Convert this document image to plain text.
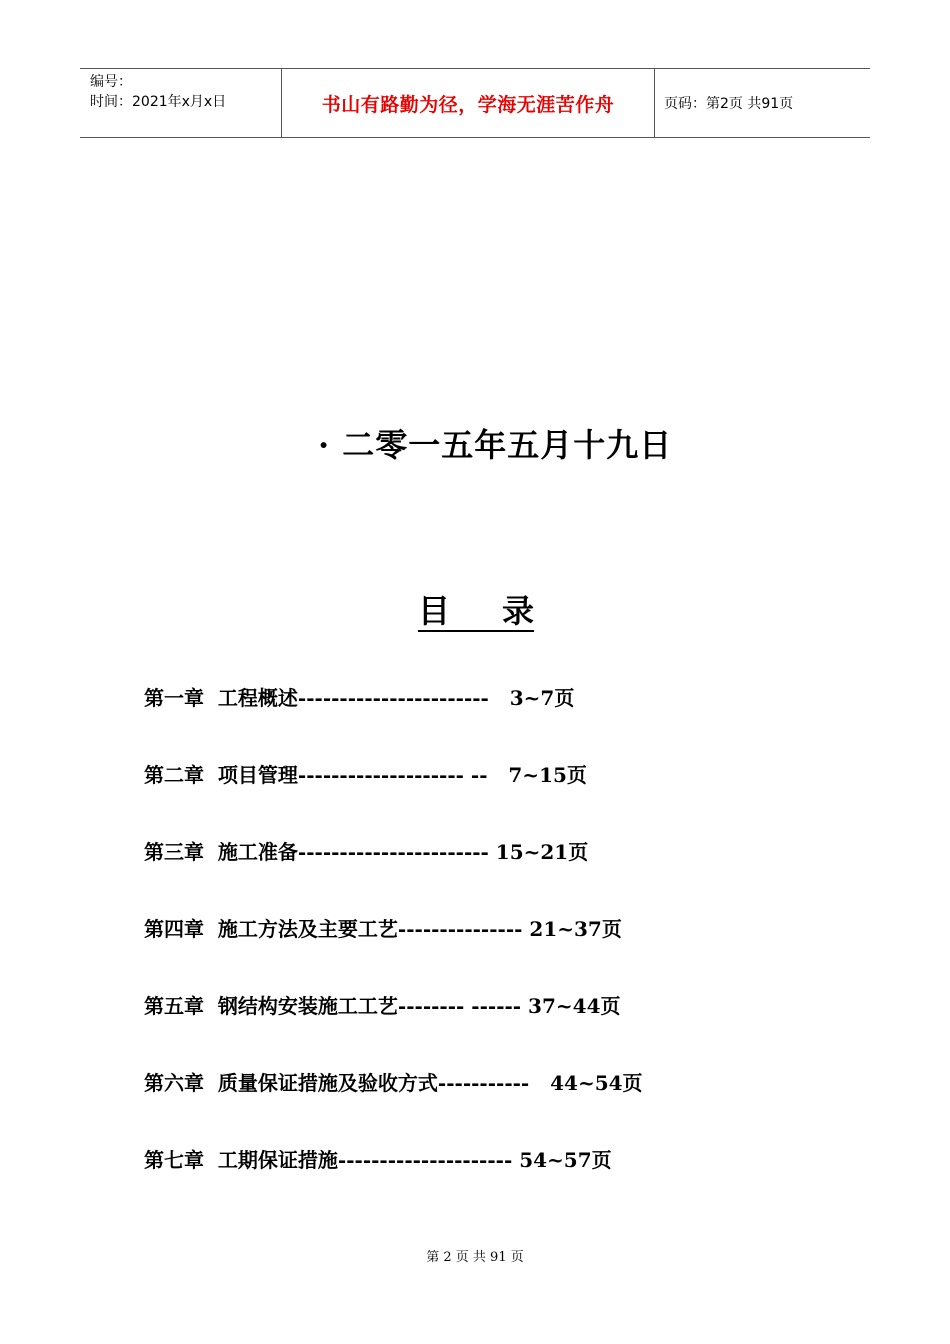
编号：
时间：2021年x月x日	书山有路勤为径，学海无涯苦作舟	页码：第2页 共91页
· 二零一五年五月十九日
目 录
第一章  工程概述-----------------------   3~7页
第二章  项目管理-------------------- --   7~15页
第三章  施工准备----------------------- 15~21页
第四章  施工方法及主要工艺--------------- 21~37页
第五章  钢结构安装施工工艺-------- ------ 37~44页
第六章  质量保证措施及验收方式-----------   44~54页
第七章  工期保证措施--------------------- 54~57页
第 2 页 共 91 页
